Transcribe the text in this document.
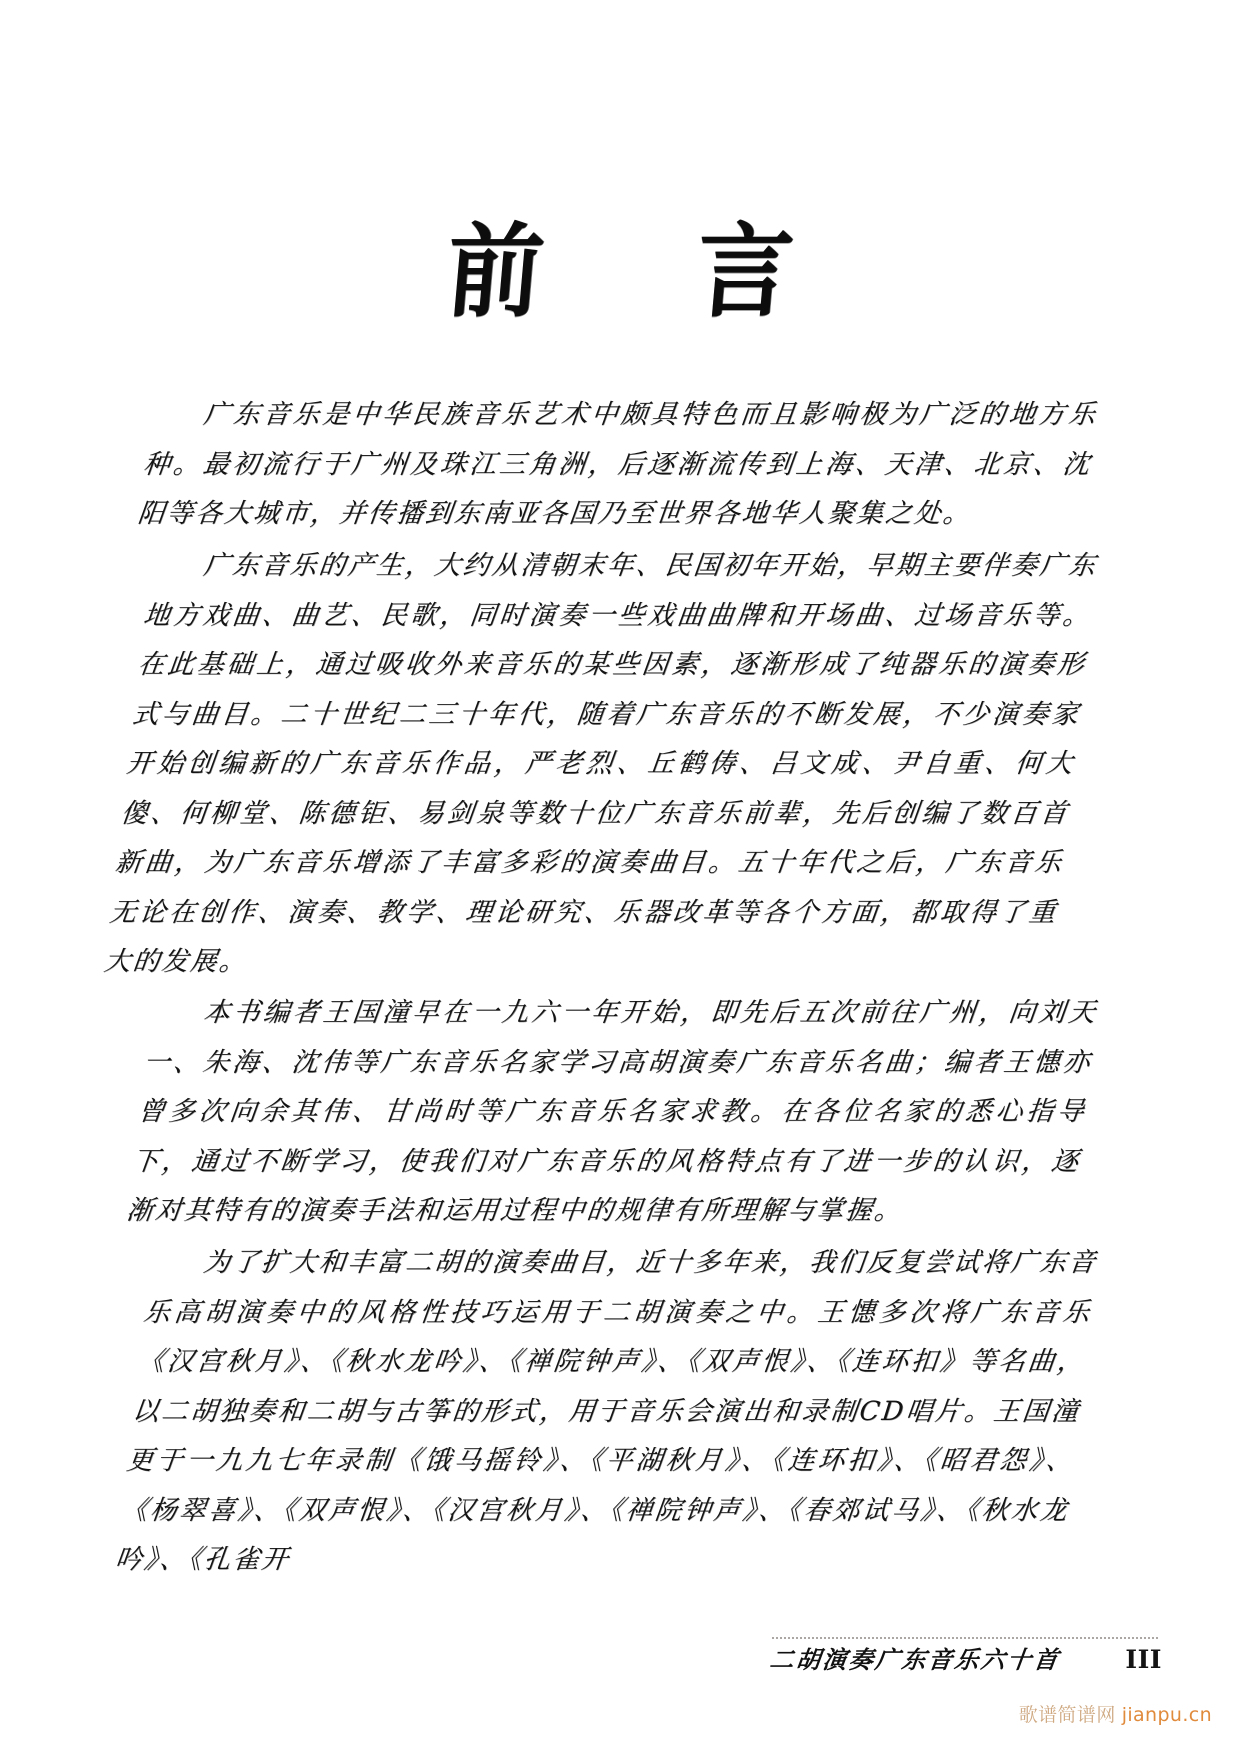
前　言

广东音乐是中华民族音乐艺术中颇具特色而且影响极为广泛的地方乐种。最初流行于广州及珠江三角洲，后逐渐流传到上海、天津、北京、沈阳等各大城市，并传播到东南亚各国乃至世界各地华人聚集之处。

广东音乐的产生，大约从清朝末年、民国初年开始，早期主要伴奏广东地方戏曲、曲艺、民歌，同时演奏一些戏曲曲牌和开场曲、过场音乐等。在此基础上，通过吸收外来音乐的某些因素，逐渐形成了纯器乐的演奏形式与曲目。二十世纪二三十年代，随着广东音乐的不断发展，不少演奏家开始创编新的广东音乐作品，严老烈、丘鹤俦、吕文成、尹自重、何大傻、何柳堂、陈德钜、易剑泉等数十位广东音乐前辈，先后创编了数百首新曲，为广东音乐增添了丰富多彩的演奏曲目。五十年代之后，广东音乐无论在创作、演奏、教学、理论研究、乐器改革等各个方面，都取得了重大的发展。

本书编者王国潼早在一九六一年开始，即先后五次前往广州，向刘天一、朱海、沈伟等广东音乐名家学习高胡演奏广东音乐名曲；编者王憓亦曾多次向余其伟、甘尚时等广东音乐名家求教。在各位名家的悉心指导下，通过不断学习，使我们对广东音乐的风格特点有了进一步的认识，逐渐对其特有的演奏手法和运用过程中的规律有所理解与掌握。

为了扩大和丰富二胡的演奏曲目，近十多年来，我们反复尝试将广东音乐高胡演奏中的风格性技巧运用于二胡演奏之中。王憓多次将广东音乐《汉宫秋月》、《秋水龙吟》、《禅院钟声》、《双声恨》、《连环扣》等名曲，以二胡独奏和二胡与古筝的形式，用于音乐会演出和录制CD唱片。王国潼更于一九九七年录制《饿马摇铃》、《平湖秋月》、《连环扣》、《昭君怨》、《杨翠喜》、《双声恨》、《汉宫秋月》、《禅院钟声》、《春郊试马》、《秋水龙吟》、《孔雀开

二胡演奏广东音乐六十首	III
歌谱简谱网 jianpu.cn
